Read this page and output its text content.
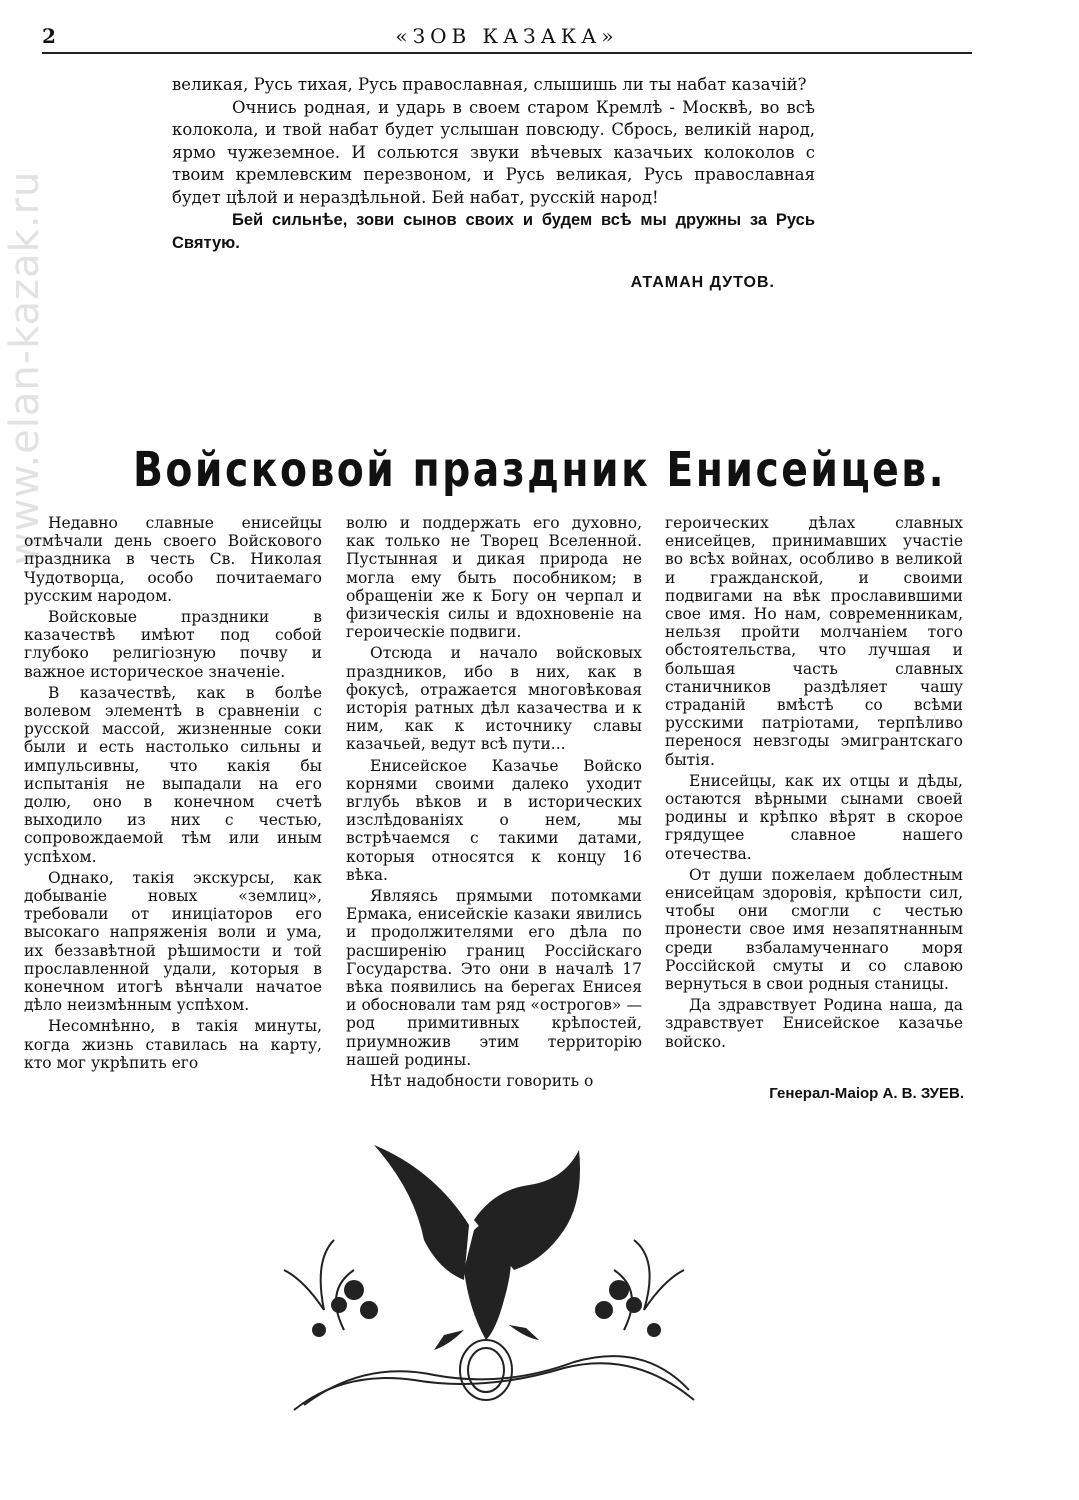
www.elan-kazak.ru
2	«ЗОВ КАЗАКА»

великая, Русь тихая, Русь православная, слышишь ли ты набат казачій?

Очнись родная, и ударь в своем старом Кремлѣ - Москвѣ, во всѣ колокола, и твой набат будет услышан повсюду. Сбрось, великій народ, ярмо чужеземное. И сольются звуки вѣчевых казачьих колоколов с твоим кремлевским перезвоном, и Русь великая, Русь православная будет цѣлой и нераздѣльной. Бей набат, русскій народ!

Бей сильнѣе, зови сынов своих и будем всѣ мы дружны за Русь Святую.

АТАМАН ДУТОВ.
Войсковой праздник Енисейцев.

Недавно славные енисейцы отмѣчали день своего Войскового праздника в честь Св. Николая Чудотворца, особо почитаемаго русским народом.

Войсковые праздники в казачествѣ имѣют под собой глубоко религіозную почву и важное историческое значеніе.

В казачествѣ, как в болѣе волевом элементѣ в сравненіи с русской массой, жизненные соки были и есть настолько сильны и импульсивны, что какія бы испытанія не выпадали на его долю, оно в конечном счетѣ выходило из них с честью, сопровождаемой тѣм или иным успѣхом.

Однако, такія экскурсы, как добываніе новых «землиц», требовали от иниціаторов его высокаго напряженія воли и ума, их беззавѣтной рѣшимости и той прославленной удали, которыя в конечном итогѣ вѣнчали начатое дѣло неизмѣнным успѣхом.

Несомнѣнно, в такія минуты, когда жизнь ставилась на карту, кто мог укрѣпить его

волю и поддержать его духовно, как только не Творец Вселенной. Пустынная и дикая природа не могла ему быть пособником; в обращеніи же к Богу он черпал и физическія силы и вдохновеніе на героическіе подвиги.

Отсюда и начало войсковых праздников, ибо в них, как в фокусѣ, отражается многовѣковая исторія ратных дѣл казачества и к ним, как к источнику славы казачьей, ведут всѣ пути...

Енисейское Казачье Войско корнями своими далеко уходит вглубь вѣков и в исторических изслѣдованіях о нем, мы встрѣчаемся с такими датами, которыя относятся к концу 16 вѣка.

Являясь прямыми потомками Ермака, енисейскіе казаки явились и продолжителями его дѣла по расширенію границ Россійскаго Государства. Это они в началѣ 17 вѣка появились на берегах Енисея и обосновали там ряд «острогов» — род примитивных крѣпостей, приумножив этим территорію нашей родины.

Нѣт надобности говорить о

героических дѣлах славных енисейцев, принимавших участіе во всѣх войнах, особливо в великой и гражданской, и своими подвигами на вѣк прославившими свое имя. Но нам, современникам, нельзя пройти молчаніем того обстоятельства, что лучшая и большая часть славных станичников раздѣляет чашу страданій вмѣстѣ со всѣми русскими патріотами, терпѣливо перенося невзгоды эмигрантскаго бытія.

Енисейцы, как их отцы и дѣды, остаются вѣрными сынами своей родины и крѣпко вѣрят в скорое грядущее славное нашего отечества.

От души пожелаем доблестным енисейцам здоровія, крѣпости сил, чтобы они смогли с честью пронести свое имя незапятнанным среди взбаламученнаго моря Россійской смуты и со славою вернуться в свои родныя станицы.

Да здравствует Родина наша, да здравствует Енисейское казачье войско.

Генерал-Маіор А. В. ЗУЕВ.
